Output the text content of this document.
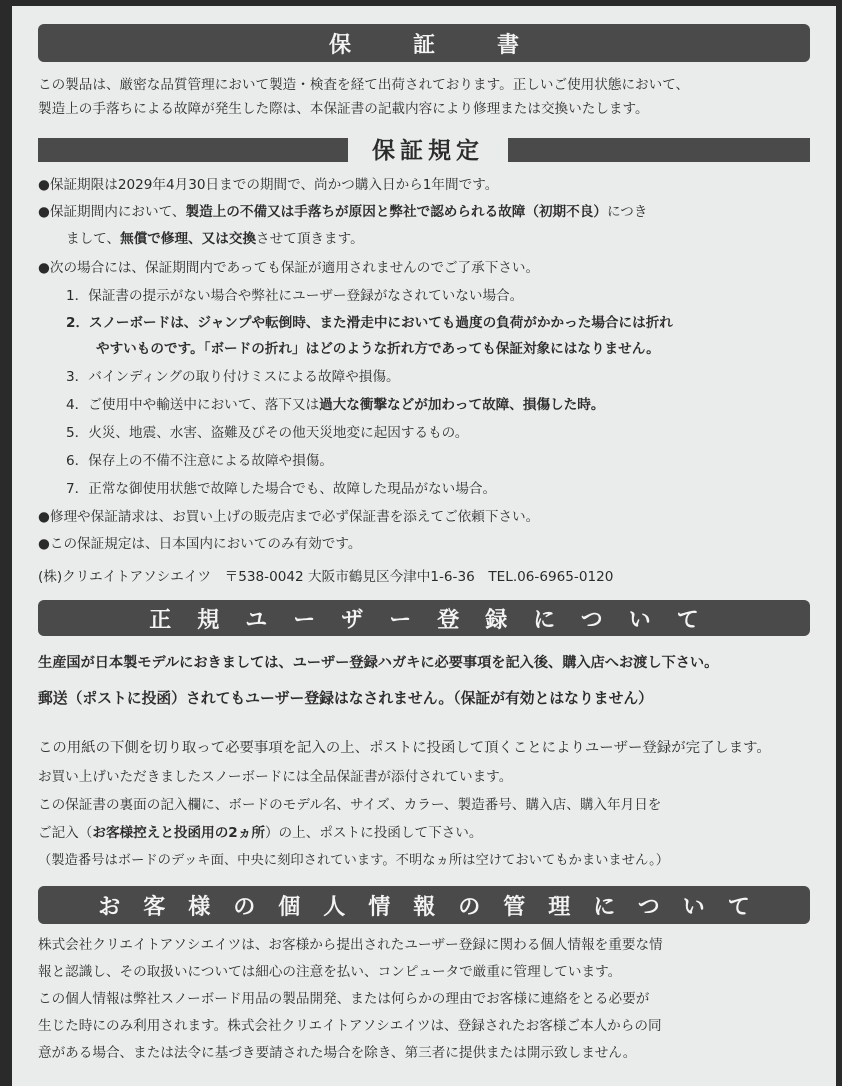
保証書
この製品は、厳密な品質管理において製造・検査を経て出荷されております。正しいご使用状態において、
製造上の手落ちによる故障が発生した際は、本保証書の記載内容により修理または交換いたします。
保証規定
●保証期限は2029年4月30日までの期間で、尚かつ購入日から1年間です。
●保証期間内において、製造上の不備又は手落ちが原因と弊社で認められる故障（初期不良）につき
まして、無償で修理、又は交換させて頂きます。
●次の場合には、保証期間内であっても保証が適用されませんのでご了承下さい。
1．保証書の提示がない場合や弊社にユーザー登録がなされていない場合。
2．スノーボードは、ジャンプや転倒時、また滑走中においても過度の負荷がかかった場合には折れ
やすいものです。「ボードの折れ」はどのような折れ方であっても保証対象にはなりません。
3．バインディングの取り付けミスによる故障や損傷。
4．ご使用中や輸送中において、落下又は過大な衝撃などが加わって故障、損傷した時。
5．火災、地震、水害、盗難及びその他天災地変に起因するもの。
6．保存上の不備不注意による故障や損傷。
7．正常な御使用状態で故障した場合でも、故障した現品がない場合。
●修理や保証請求は、お買い上げの販売店まで必ず保証書を添えてご依頼下さい。
●この保証規定は、日本国内においてのみ有効です。
(株)クリエイトアソシエイツ　〒538-0042 大阪市鶴見区今津中1-6-36　TEL.06-6965-0120
正規ユーザー登録について
生産国が日本製モデルにおきましては、ユーザー登録ハガキに必要事項を記入後、購入店へお渡し下さい。
郵送（ポストに投函）されてもユーザー登録はなされません。（保証が有効とはなりません）
この用紙の下側を切り取って必要事項を記入の上、ポストに投函して頂くことによりユーザー登録が完了します。
お買い上げいただきましたスノーボードには全品保証書が添付されています。
この保証書の裏面の記入欄に、ボードのモデル名、サイズ、カラー、製造番号、購入店、購入年月日を
ご記入（お客様控えと投函用の2ヵ所）の上、ポストに投函して下さい。
（製造番号はボードのデッキ面、中央に刻印されています。不明なヵ所は空けておいてもかまいません。）
お客様の個人情報の管理について
株式会社クリエイトアソシエイツは、お客様から提出されたユーザー登録に関わる個人情報を重要な情
報と認識し、その取扱いについては細心の注意を払い、コンピュータで厳重に管理しています。
この個人情報は弊社スノーボード用品の製品開発、または何らかの理由でお客様に連絡をとる必要が
生じた時にのみ利用されます。株式会社クリエイトアソシエイツは、登録されたお客様ご本人からの同
意がある場合、または法令に基づき要請された場合を除き、第三者に提供または開示致しません。
